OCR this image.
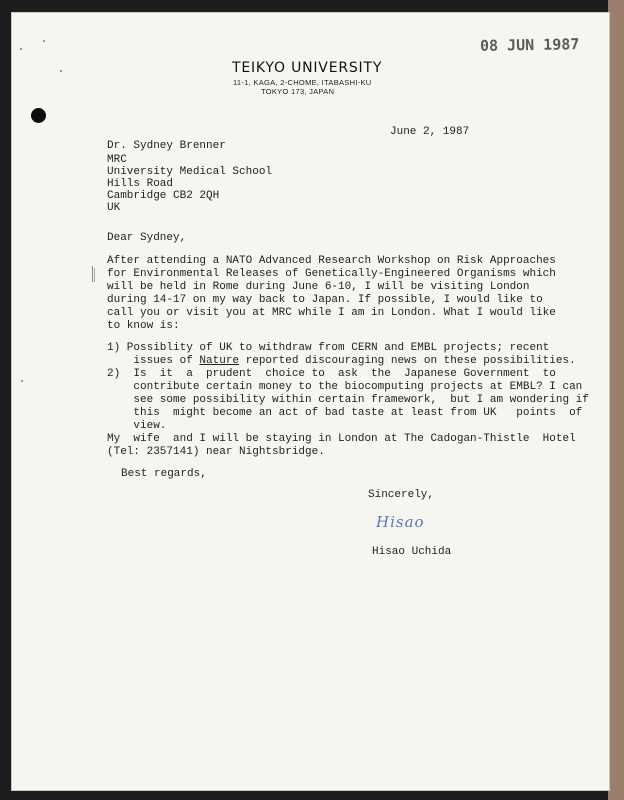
08 JUN 1987
TEIKYO UNIVERSITY
11-1, KAGA, 2-CHOME, ITABASHI-KU
TOKYO 173, JAPAN
June 2, 1987
Dr. Sydney Brenner
MRC
University Medical School
Hills Road
Cambridge CB2 2QH
UK
Dear Sydney,
After attending a NATO Advanced Research Workshop on Risk Approaches
for Environmental Releases of Genetically-Engineered Organisms which
will be held in Rome during June 6-10, I will be visiting London
during 14-17 on my way back to Japan. If possible, I would like to
call you or visit you at MRC while I am in London. What I would like
to know is:
1) Possiblity of UK to withdraw from CERN and EMBL projects; recent
issues of Nature reported discouraging news on these possibilities.
2)  Is  it  a  prudent  choice to  ask  the  Japanese Government  to
contribute certain money to the biocomputing projects at EMBL? I can
see some possibility within certain framework,  but I am wondering if
this  might become an act of bad taste at least from UK   points  of
view.
My  wife  and I will be staying in London at The Cadogan-Thistle  Hotel
(Tel: 2357141) near Nightsbridge.
Best regards,
Sincerely,
Hisao
Hisao Uchida
